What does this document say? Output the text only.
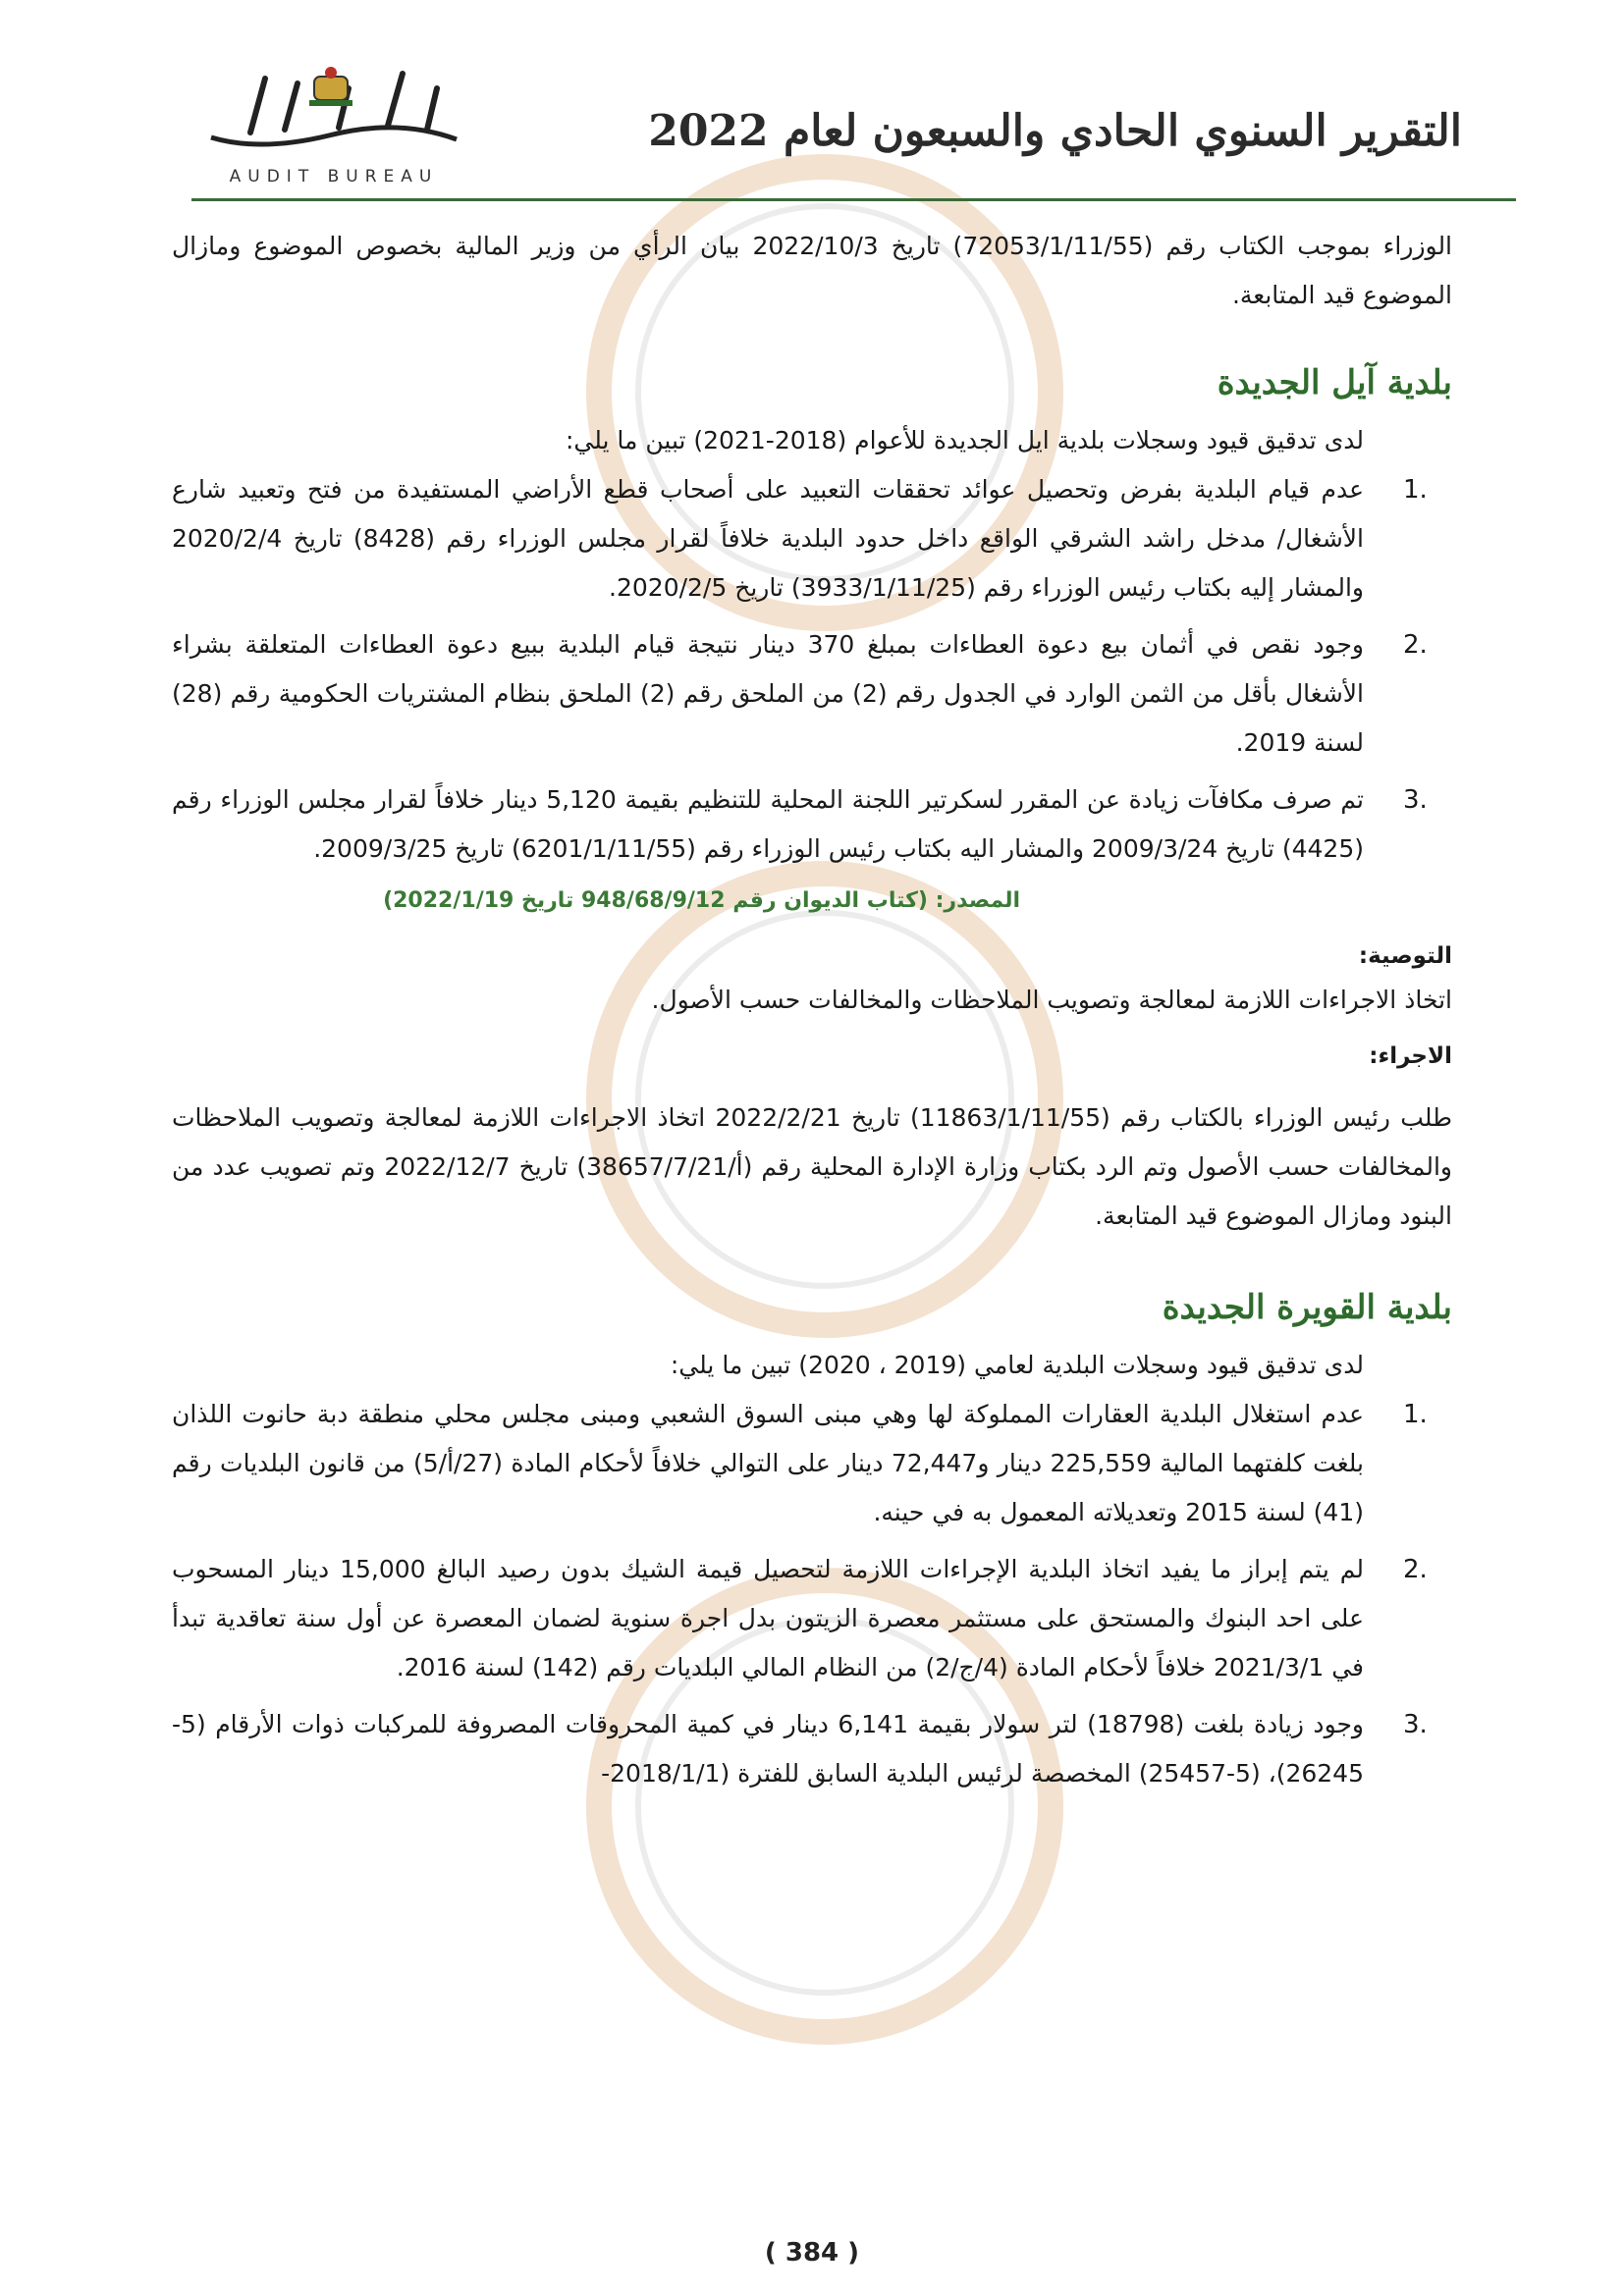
التقرير السنوي الحادي والسبعون لعام 2022
AUDIT BUREAU

الوزراء بموجب الكتاب رقم (72053/1/11/55) تاريخ 2022/10/3 بيان الرأي من وزير المالية بخصوص الموضوع ومازال الموضوع قيد المتابعة.

بلدية آيل الجديدة

لدى تدقيق قيود وسجلات بلدية ايل الجديدة للأعوام (2018-2021) تبين ما يلي:

1.

عدم قيام البلدية بفرض وتحصيل عوائد تحققات التعبيد على أصحاب قطع الأراضي المستفيدة من فتح وتعبيد شارع الأشغال/ مدخل راشد الشرقي الواقع داخل حدود البلدية خلافاً لقرار مجلس الوزراء رقم (8428) تاريخ 2020/2/4 والمشار إليه بكتاب رئيس الوزراء رقم (3933/1/11/25) تاريخ 2020/2/5.

2.

وجود نقص في أثمان بيع دعوة العطاءات بمبلغ 370 دينار نتيجة قيام البلدية ببيع دعوة العطاءات المتعلقة بشراء الأشغال بأقل من الثمن الوارد في الجدول رقم (2) من الملحق رقم (2) الملحق بنظام المشتريات الحكومية رقم (28) لسنة 2019.

3.

تم صرف مكافآت زيادة عن المقرر لسكرتير اللجنة المحلية للتنظيم بقيمة 5,120 دينار خلافاً لقرار مجلس الوزراء رقم (4425) تاريخ 2009/3/24 والمشار اليه بكتاب رئيس الوزراء رقم (6201/1/11/55) تاريخ 2009/3/25.

المصدر: (كتاب الديوان رقم 948/68/9/12 تاريخ 2022/1/19)

التوصية:

اتخاذ الاجراءات اللازمة لمعالجة وتصويب الملاحظات والمخالفات حسب الأصول.

الاجراء:

طلب رئيس الوزراء بالكتاب رقم (11863/1/11/55) تاريخ 2022/2/21 اتخاذ الاجراءات اللازمة لمعالجة وتصويب الملاحظات والمخالفات حسب الأصول وتم الرد بكتاب وزارة الإدارة المحلية رقم (أ/38657/7/21) تاريخ 2022/12/7 وتم تصويب عدد من البنود ومازال الموضوع قيد المتابعة.

بلدية القويرة الجديدة

لدى تدقيق قيود وسجلات البلدية لعامي (2019 ، 2020) تبين ما يلي:

1.

عدم استغلال البلدية العقارات المملوكة لها وهي مبنى السوق الشعبي ومبنى مجلس محلي منطقة دبة حانوت اللذان بلغت كلفتهما المالية 225,559 دينار و72,447 دينار على التوالي خلافاً لأحكام المادة (27/أ/5) من قانون البلديات رقم (41) لسنة 2015 وتعديلاته المعمول به في حينه.

2.

لم يتم إبراز ما يفيد اتخاذ البلدية الإجراءات اللازمة لتحصيل قيمة الشيك بدون رصيد البالغ 15,000 دينار المسحوب على احد البنوك والمستحق على مستثمر معصرة الزيتون بدل اجرة سنوية لضمان المعصرة عن أول سنة تعاقدية تبدأ في 2021/3/1 خلافاً لأحكام المادة (4/ج/2) من النظام المالي البلديات رقم (142) لسنة 2016.

3.

وجود زيادة بلغت (18798) لتر سولار بقيمة 6,141 دينار في كمية المحروقات المصروفة للمركبات ذوات الأرقام (5-26245)، (5-25457) المخصصة لرئيس البلدية السابق للفترة (2018/1/1-

( 384 )
